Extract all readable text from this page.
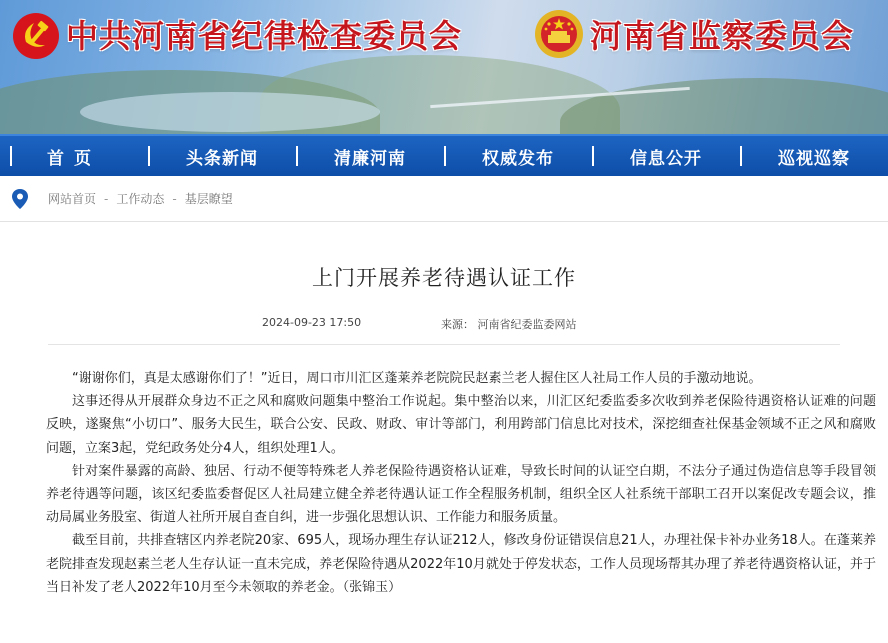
中共河南省纪律检查委员会	河南省监察委员会
首页	头条新闻	清廉河南	权威发布	信息公开	巡视巡察
网站首页 - 工作动态 - 基层瞭望
上门开展养老待遇认证工作
2024-09-23 17:50	来源： 河南省纪委监委网站

“谢谢你们，真是太感谢你们了！”近日，周口市川汇区蓬莱养老院院民赵素兰老人握住区人社局工作人员的手激动地说。

这事还得从开展群众身边不正之风和腐败问题集中整治工作说起。集中整治以来，川汇区纪委监委多次收到养老保险待遇资格认证难的问题反映，遂聚焦“小切口”、服务大民生，联合公安、民政、财政、审计等部门，利用跨部门信息比对技术，深挖细查社保基金领域不正之风和腐败问题，立案3起，党纪政务处分4人，组织处理1人。

针对案件暴露的高龄、独居、行动不便等特殊老人养老保险待遇资格认证难，导致长时间的认证空白期，不法分子通过伪造信息等手段冒领养老待遇等问题，该区纪委监委督促区人社局建立健全养老待遇认证工作全程服务机制，组织全区人社系统干部职工召开以案促改专题会议，推动局属业务股室、街道人社所开展自查自纠，进一步强化思想认识、工作能力和服务质量。

截至目前，共排查辖区内养老院20家、695人，现场办理生存认证212人，修改身份证错误信息21人，办理社保卡补办业务18人。在蓬莱养老院排查发现赵素兰老人生存认证一直未完成，养老保险待遇从2022年10月就处于停发状态，工作人员现场帮其办理了养老待遇资格认证，并于当日补发了老人2022年10月至今未领取的养老金。（张锦玉）
